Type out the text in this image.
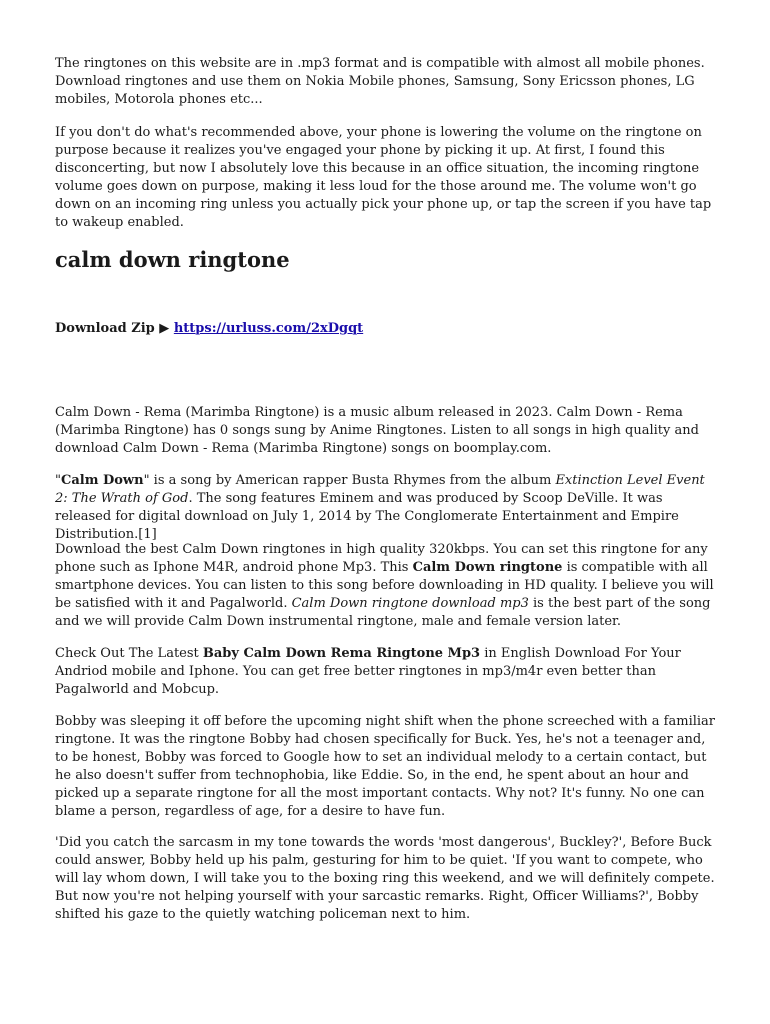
The ringtones on this website are in .mp3 format and is compatible with almost all mobile phones. Download ringtones and use them on Nokia Mobile phones, Samsung, Sony Ericsson phones, LG mobiles, Motorola phones etc...

If you don't do what's recommended above, your phone is lowering the volume on the ringtone on purpose because it realizes you've engaged your phone by picking it up. At first, I found this disconcerting, but now I absolutely love this because in an office situation, the incoming ringtone volume goes down on purpose, making it less loud for the those around me. The volume won't go down on an incoming ring unless you actually pick your phone up, or tap the screen if you have tap to wakeup enabled.

calm down ringtone

Download Zip ▶ https://urluss.com/2xDgqt

Calm Down - Rema (Marimba Ringtone) is a music album released in 2023. Calm Down - Rema (Marimba Ringtone) has 0 songs sung by Anime Ringtones. Listen to all songs in high quality and download Calm Down - Rema (Marimba Ringtone) songs on boomplay.com.

"Calm Down" is a song by American rapper Busta Rhymes from the album Extinction Level Event 2: The Wrath of God. The song features Eminem and was produced by Scoop DeVille. It was released for digital download on July 1, 2014 by The Conglomerate Entertainment and Empire Distribution.[1]

Download the best Calm Down ringtones in high quality 320kbps. You can set this ringtone for any phone such as Iphone M4R, android phone Mp3. This Calm Down ringtone is compatible with all smartphone devices. You can listen to this song before downloading in HD quality. I believe you will be satisfied with it and Pagalworld. Calm Down ringtone download mp3 is the best part of the song and we will provide Calm Down instrumental ringtone, male and female version later.

Check Out The Latest Baby Calm Down Rema Ringtone Mp3 in English Download For Your Andriod mobile and Iphone. You can get free better ringtones in mp3/m4r even better than Pagalworld and Mobcup.

Bobby was sleeping it off before the upcoming night shift when the phone screeched with a familiar ringtone. It was the ringtone Bobby had chosen specifically for Buck. Yes, he's not a teenager and, to be honest, Bobby was forced to Google how to set an individual melody to a certain contact, but he also doesn't suffer from technophobia, like Eddie. So, in the end, he spent about an hour and picked up a separate ringtone for all the most important contacts. Why not? It's funny. No one can blame a person, regardless of age, for a desire to have fun.

'Did you catch the sarcasm in my tone towards the words 'most dangerous', Buckley?', Before Buck could answer, Bobby held up his palm, gesturing for him to be quiet. 'If you want to compete, who will lay whom down, I will take you to the boxing ring this weekend, and we will definitely compete. But now you're not helping yourself with your sarcastic remarks. Right, Officer Williams?', Bobby shifted his gaze to the quietly watching policeman next to him.
